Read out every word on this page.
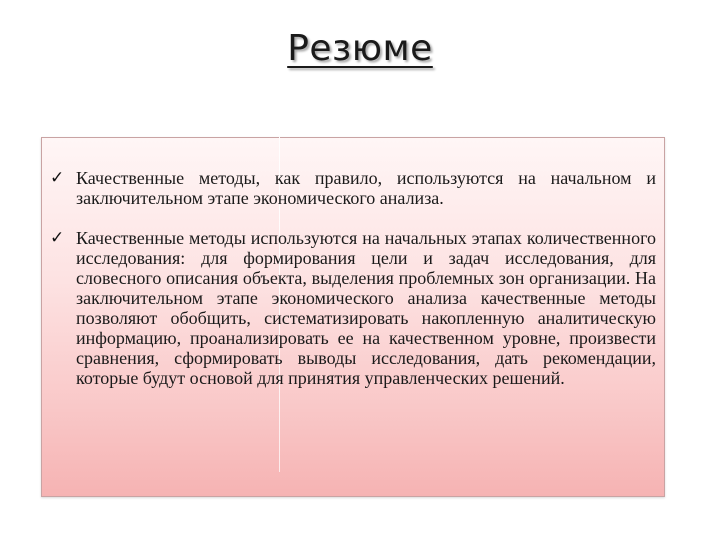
Резюме
✓ Качественные методы, как правило, используются на начальном и заключительном этапе экономического анализа.
✓ Качественные методы используются на начальных этапах количественного исследования: для формирования цели и задач исследования, для словесного описания объекта, выделения проблемных зон организации. На заключительном этапе экономического анализа качественные методы позволяют обобщить, систематизировать накопленную аналитическую информацию, проанализировать ее на качественном уровне, произвести сравнения, сформировать выводы исследования, дать рекомендации, которые будут основой для принятия управленческих решений.
